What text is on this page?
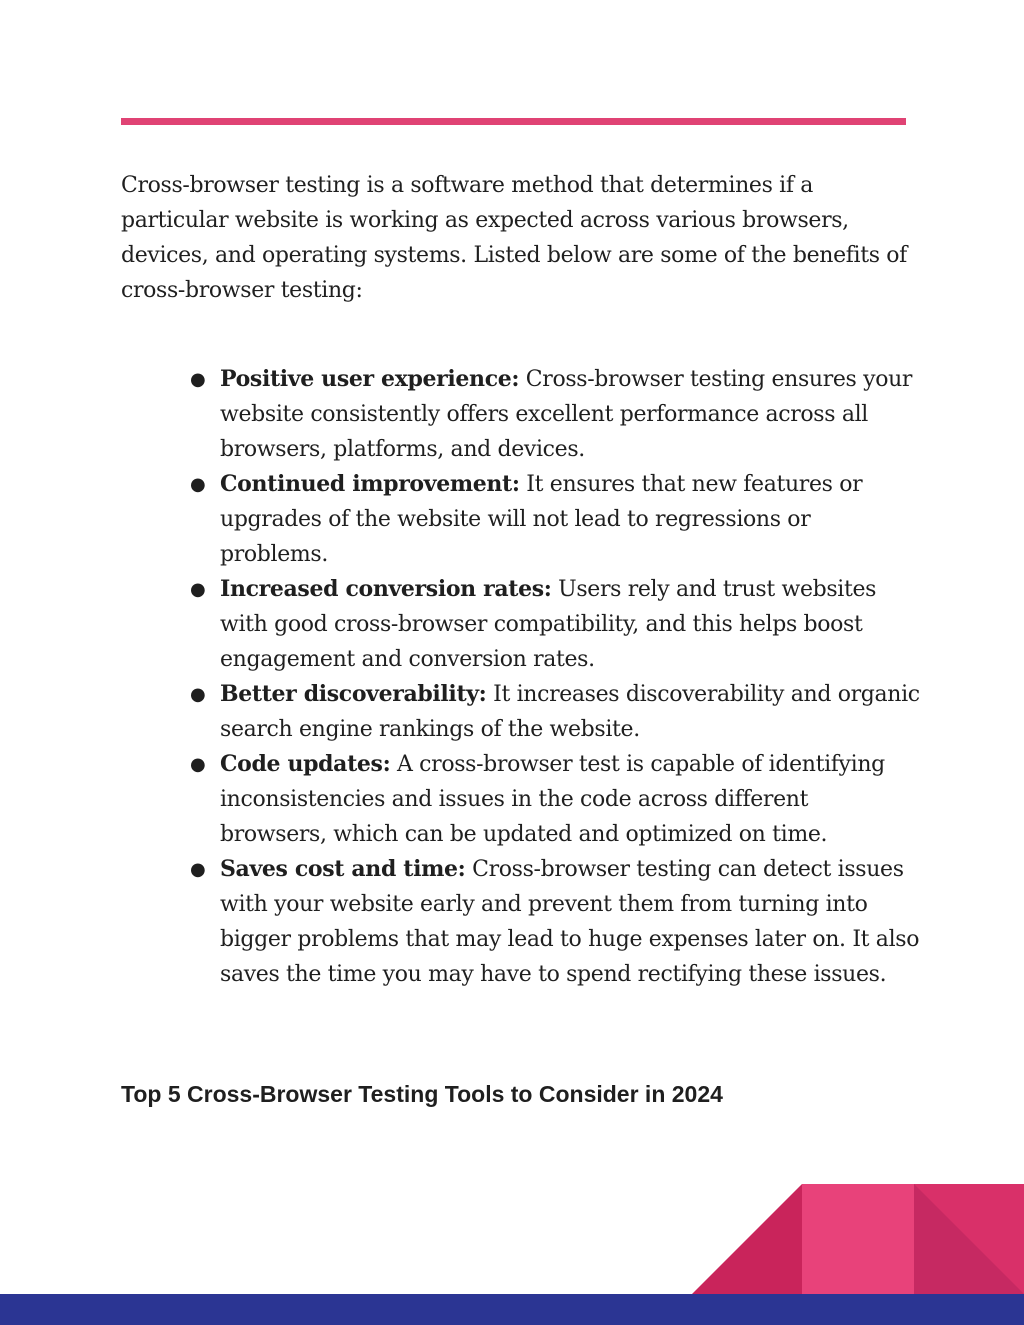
Cross-browser testing is a software method that determines if a particular website is working as expected across various browsers, devices, and operating systems. Listed below are some of the benefits of cross-browser testing:

● Positive user experience: Cross-browser testing ensures your website consistently offers excellent performance across all browsers, platforms, and devices.
● Continued improvement: It ensures that new features or upgrades of the website will not lead to regressions or problems.
● Increased conversion rates: Users rely and trust websites with good cross-browser compatibility, and this helps boost engagement and conversion rates.
● Better discoverability: It increases discoverability and organic search engine rankings of the website.
● Code updates: A cross-browser test is capable of identifying inconsistencies and issues in the code across different browsers, which can be updated and optimized on time.
● Saves cost and time: Cross-browser testing can detect issues with your website early and prevent them from turning into bigger problems that may lead to huge expenses later on. It also saves the time you may have to spend rectifying these issues.
Top 5 Cross-Browser Testing Tools to Consider in 2024
